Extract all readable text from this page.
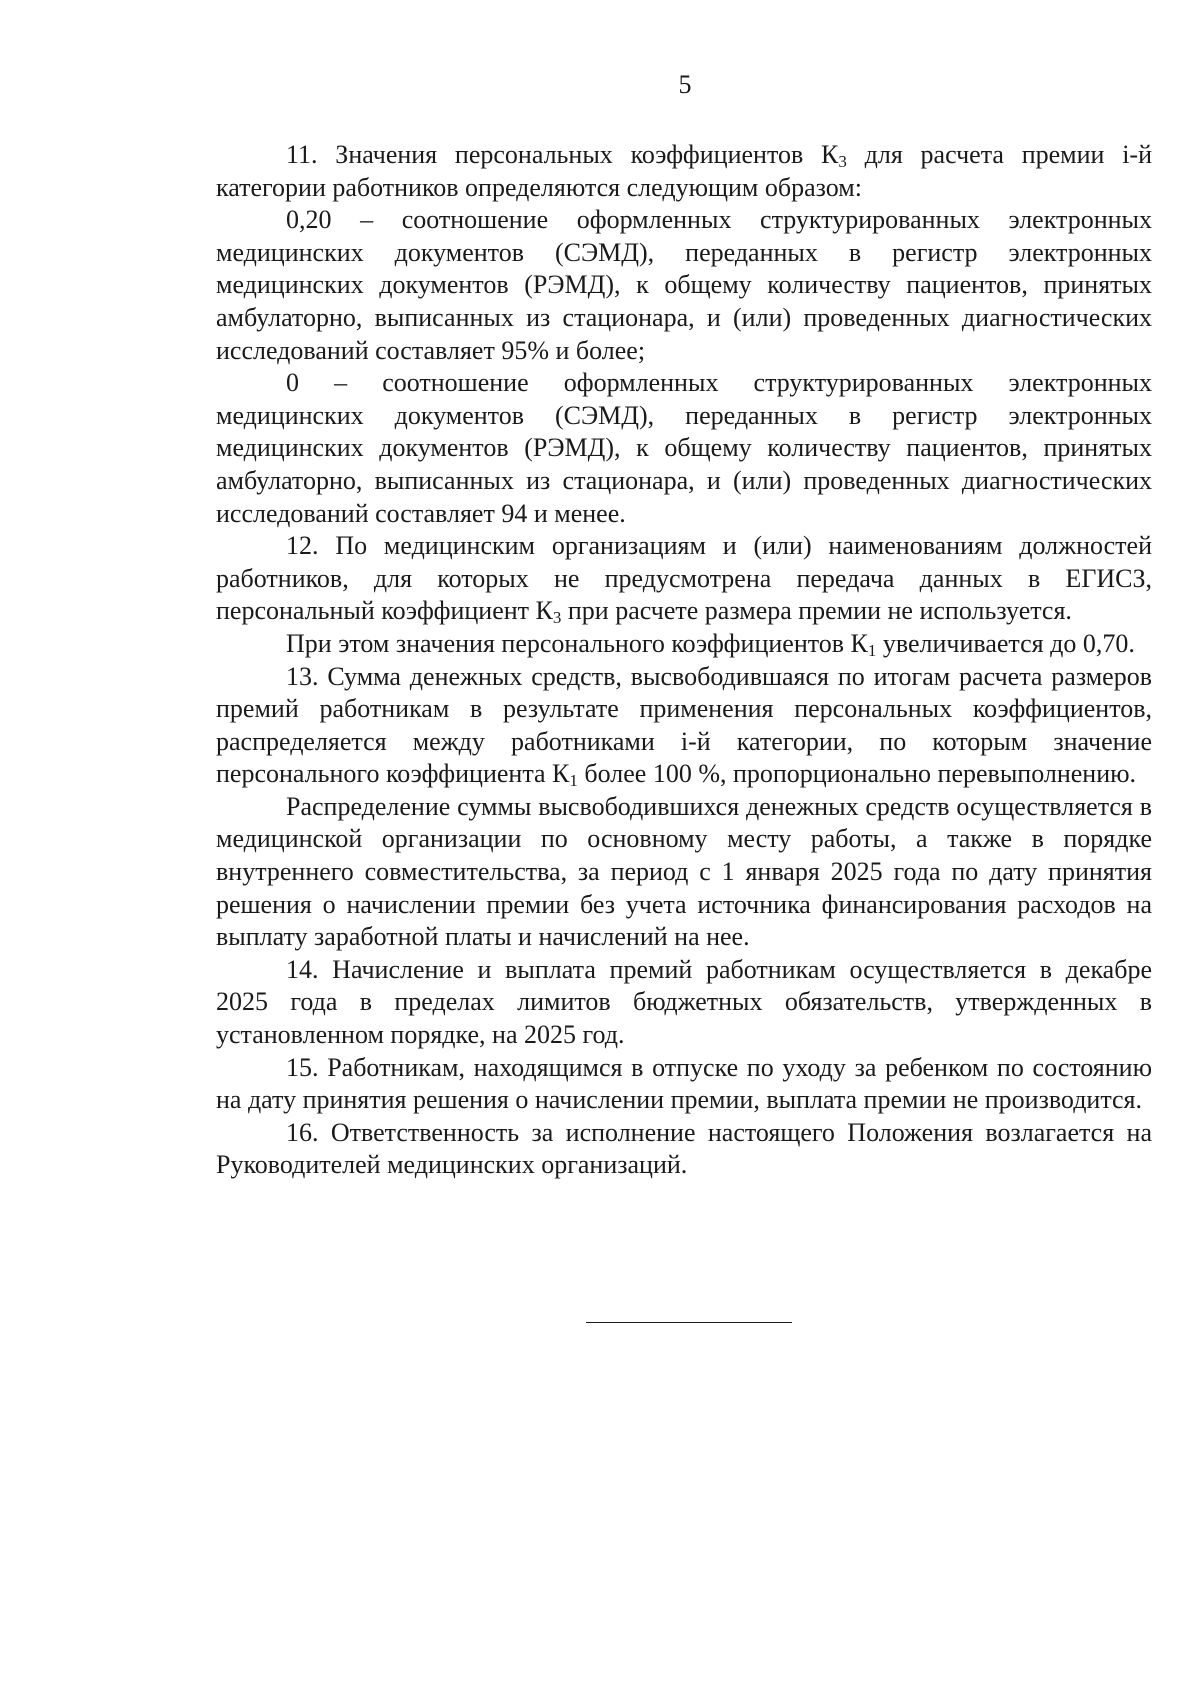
5

11. Значения персональных коэффициентов $К_3$ для расчета премии i-й категории работников определяются следующим образом:

0,20 – соотношение оформленных структурированных электронных медицинских документов (СЭМД), переданных в регистр электронных медицинских документов (РЭМД), к общему количеству пациентов, принятых амбулаторно, выписанных из стационара, и (или) проведенных диагностических исследований составляет 95% и более;

0 – соотношение оформленных структурированных электронных медицинских документов (СЭМД), переданных в регистр электронных медицинских документов (РЭМД), к общему количеству пациентов, принятых амбулаторно, выписанных из стационара, и (или) проведенных диагностических исследований составляет 94 и менее.

12. По медицинским организациям и (или) наименованиям должностей работников, для которых не предусмотрена передача данных в ЕГИСЗ, персональный коэффициент $К_3$ при расчете размера премии не используется.

При этом значения персонального коэффициентов $К_1$ увеличивается до 0,70.

13. Сумма денежных средств, высвободившаяся по итогам расчета размеров премий работникам в результате применения персональных коэффициентов, распределяется между работниками i-й категории, по которым значение персонального коэффициента $К_1$ более 100 %, пропорционально перевыполнению.

Распределение суммы высвободившихся денежных средств осуществляется в медицинской организации по основному месту работы, а также в порядке внутреннего совместительства, за период с 1 января 2025 года по дату принятия решения о начислении премии без учета источника финансирования расходов на выплату заработной платы и начислений на нее.

14. Начисление и выплата премий работникам осуществляется в декабре 2025 года в пределах лимитов бюджетных обязательств, утвержденных в установленном порядке, на 2025 год.

15. Работникам, находящимся в отпуске по уходу за ребенком по состоянию на дату принятия решения о начислении премии, выплата премии не производится.

16. Ответственность за исполнение настоящего Положения возлагается на Руководителей медицинских организаций.
